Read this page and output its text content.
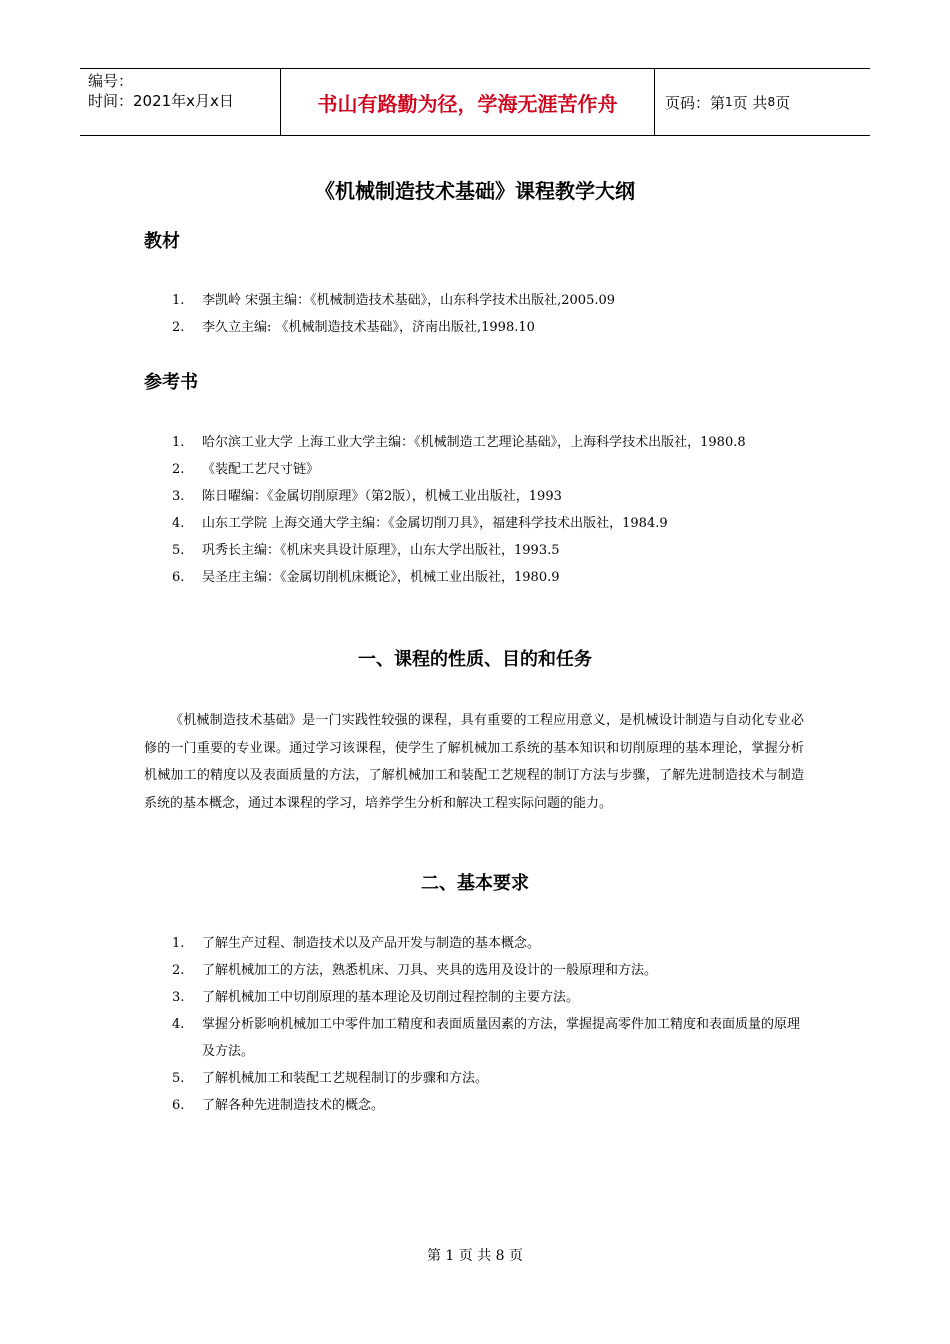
编号：
时间：2021年x月x日	书山有路勤为径，学海无涯苦作舟	页码：第 1 页 共 8 页
《机械制造技术基础》课程教学大纲
教材
1. 李凯岭 宋强主编：《机械制造技术基础》，山东科学技术出版社,2005.09
2. 李久立主编: 《机械制造技术基础》，济南出版社,1998.10
参考书
1. 哈尔滨工业大学 上海工业大学主编：《机械制造工艺理论基础》，上海科学技术出版社，1980.8
2. 《装配工艺尺寸链》
3. 陈日曜编：《金属切削原理》（第2版），机械工业出版社，1993
4. 山东工学院 上海交通大学主编：《金属切削刀具》，福建科学技术出版社，1984.9
5. 巩秀长主编：《机床夹具设计原理》，山东大学出版社，1993.5
6. 吴圣庄主编：《金属切削机床概论》，机械工业出版社，1980.9
一、课程的性质、目的和任务
《机械制造技术基础》是一门实践性较强的课程，具有重要的工程应用意义，是机械设计制造与自动化专业必修的一门重要的专业课。通过学习该课程，使学生了解机械加工系统的基本知识和切削原理的基本理论，掌握分析机械加工的精度以及表面质量的方法，了解机械加工和装配工艺规程的制订方法与步骤，了解先进制造技术与制造系统的基本概念，通过本课程的学习，培养学生分析和解决工程实际问题的能力。
二、基本要求
1. 了解生产过程、制造技术以及产品开发与制造的基本概念。
2. 了解机械加工的方法，熟悉机床、刀具、夹具的选用及设计的一般原理和方法。
3. 了解机械加工中切削原理的基本理论及切削过程控制的主要方法。
4. 掌握分析影响机械加工中零件加工精度和表面质量因素的方法，掌握提高零件加工精度和表面质量的原理及方法。
5. 了解机械加工和装配工艺规程制订的步骤和方法。
6. 了解各种先进制造技术的概念。
第 1 页 共 8 页
